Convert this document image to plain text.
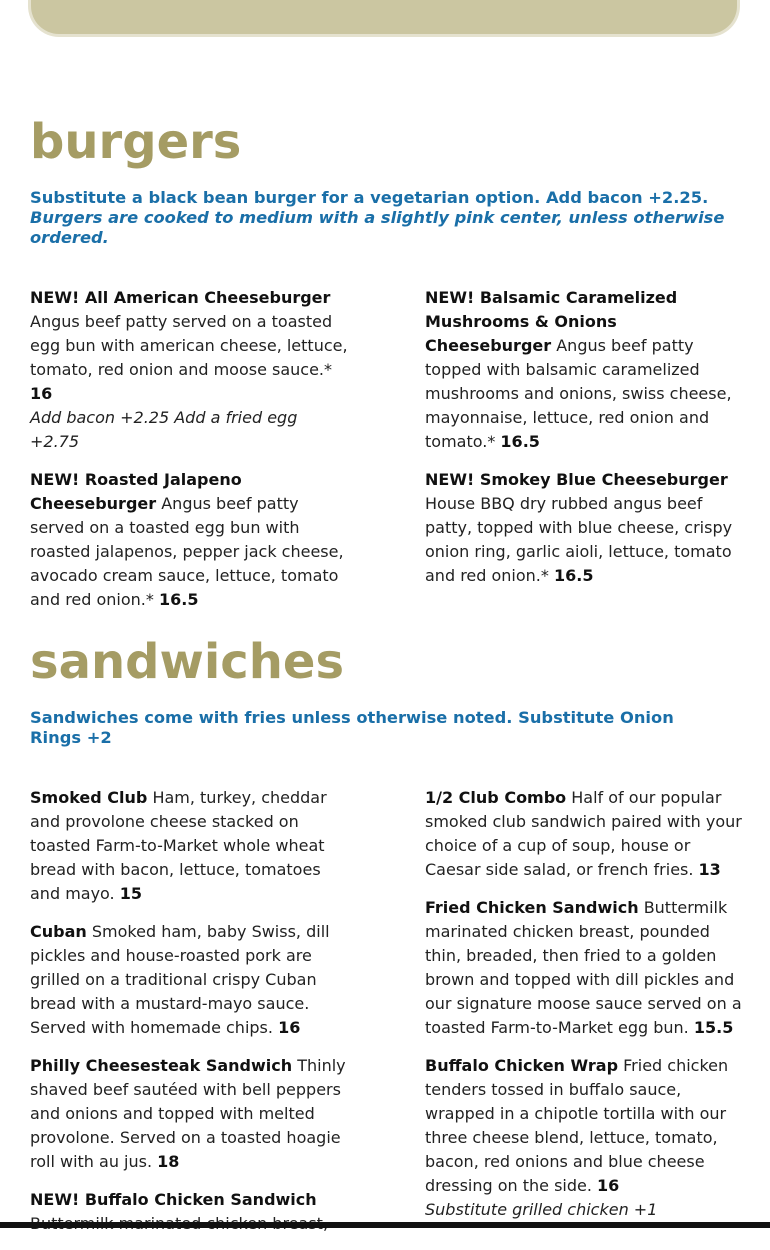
burgers

Substitute a black bean burger for a vegetarian option. Add bacon +2.25.
Burgers are cooked to medium with a slightly pink center, unless otherwise ordered.

NEW! All American Cheeseburger Angus beef patty served on a toasted egg bun with american cheese, lettuce, tomato, red onion and moose sauce.* 16
Add bacon +2.25 Add a fried egg +2.75

NEW! Roasted Jalapeno Cheeseburger Angus beef patty served on a toasted egg bun with roasted jalapenos, pepper jack cheese, avocado cream sauce, lettuce, tomato and red onion.* 16.5

NEW! Balsamic Caramelized Mushrooms & Onions Cheeseburger Angus beef patty topped with balsamic caramelized mushrooms and onions, swiss cheese, mayonnaise, lettuce, red onion and tomato.* 16.5

NEW! Smokey Blue Cheeseburger House BBQ dry rubbed angus beef patty, topped with blue cheese, crispy onion ring, garlic aioli, lettuce, tomato and red onion.* 16.5

sandwiches

Sandwiches come with fries unless otherwise noted. Substitute Onion Rings +2

Smoked Club Ham, turkey, cheddar and provolone cheese stacked on toasted Farm-to-Market whole wheat bread with bacon, lettuce, tomatoes and mayo. 15

Cuban Smoked ham, baby Swiss, dill pickles and house-roasted pork are grilled on a traditional crispy Cuban bread with a mustard-mayo sauce. Served with homemade chips. 16

Philly Cheesesteak Sandwich Thinly shaved beef sautéed with bell peppers and onions and topped with melted provolone. Served on a toasted hoagie roll with au jus. 18

NEW! Buffalo Chicken Sandwich

1/2 Club Combo Half of our popular smoked club sandwich paired with your choice of a cup of soup, house or Caesar side salad, or french fries. 13

Fried Chicken Sandwich Buttermilk marinated chicken breast, pounded thin, breaded, then fried to a golden brown and topped with dill pickles and our signature moose sauce served on a toasted Farm-to-Market egg bun. 15.5

Buffalo Chicken Wrap Fried chicken tenders tossed in buffalo sauce, wrapped in a chipotle tortilla with our three cheese blend, lettuce, tomato, bacon, red onions and blue cheese dressing on the side. 16
Substitute grilled chicken +1
